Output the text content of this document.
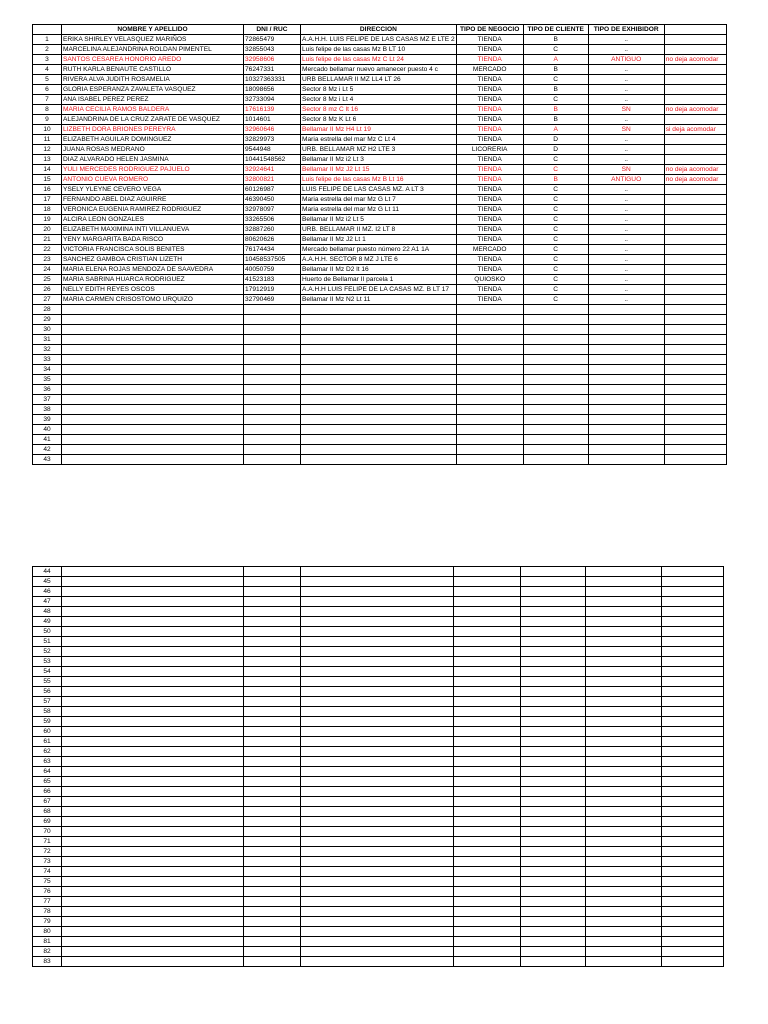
	NOMBRE Y APELLIDO	DNI / RUC	DIRECCION	TIPO DE NEGOCIO	TIPO DE CLIENTE	TIPO DE EXHIBIDOR	
1	ERIKA SHIRLEY VELASQUEZ MARIÑOS	72865479	A.A.H.H. LUIS FELIPE DE LAS CASAS MZ E LTE 2	TIENDA	B	..	
2	MARCELINA ALEJANDRINA ROLDAN PIMENTEL	32855043	Luis felipe de las casas Mz B LT 10	TIENDA	C	..	
3	SANTOS CESAREA HONORIO AREDO	32958606	Luis felipe de las casas Mz C Lt 24	TIENDA	A	ANTIGUO	no deja acomodar
4	RUTH KARLA BENAUTE CASTILLO	76247331	Mercado bellamar nuevo amanecer puesto 4 c	MERCADO	B	..	
5	RIVERA ALVA JUDITH ROSAMELIA	10327363331	URB BELLAMAR II MZ LL4 LT 26	TIENDA	C	..	
6	GLORIA ESPERANZA ZAVALETA VASQUEZ	18098656	Sector 8 Mz i Lt 5	TIENDA	B	..	
7	ANA ISABEL PEREZ PEREZ	32733094	Sector 8 Mz i Lt 4	TIENDA	C	..	
8	MARIA CECILIA RAMOS BALDERA	17616139	Sector 8 mz C lt 16	TIENDA	B	SN	no deja acomodar
9	ALEJANDRINA DE LA CRUZ ZARATE DE VASQUEZ	1014601	Sector 8 Mz K Lt 6	TIENDA	B	..	
10	LIZBETH DORA BRIONES PEREYRA	32960646	Bellamar II Mz H4 Lt 19	TIENDA	A	SN	si deja acomodar
11	ELIZABETH AGUILAR DOMINGUEZ	32829973	Maria estrella del mar Mz C Lt 4	TIENDA	D	..	
12	JUANA ROSAS MEDRANO	9544948	URB. BELLAMAR MZ H2 LTE 3	LICORERIA	D	..	
13	DIAZ ALVARADO HELEN JASMINA	10441548562	Bellamar II Mz i2 Lt 3	TIENDA	C	..	
14	YULI MERCEDES RODRIGUEZ PAJUELO	32924641	Bellamar II Mz J2 Lt 15	TIENDA	C	SN	no deja acomodar
15	ANTONIO CUEVA ROMERO	32800821	Luis felipe de las casas Mz B Lt 16	TIENDA	B	ANTIGUO	no deja acomodar
16	YSELY YLEYNE CEVERO VEGA	60126987	LUIS FELIPE DE LAS CASAS MZ. A LT 3	TIENDA	C	..	
17	FERNANDO ABEL DIAZ AGUIRRE	46390450	Maria estrella del mar Mz G Lt 7	TIENDA	C	..	
18	VERONICA EUGENIA RAMIREZ RODRIGUEZ	32978097	Maria estrella del mar Mz G Lt 11	TIENDA	C	..	
19	ALCIRA LEON GONZALES	33265506	Bellamar II Mz i2 Lt 5	TIENDA	C	..	
20	ELIZABETH MAXIMINA INTI VILLANUEVA	32887260	URB. BELLAMAR II MZ. I2 LT 8	TIENDA	C	..	
21	YENY MARGARITA BADA RISCO	80620626	Bellamar II Mz J2 Lt 1	TIENDA	C	..	
22	VICTORIA FRANCISCA SOLIS BENITES	76174434	Mercado bellamar puesto número 22 A1 1A	MERCADO	C	..	
23	SANCHEZ GAMBOA CRISTIAN LIZETH	10458537505	A.A.H.H. SECTOR 8 MZ J LTE 6	TIENDA	C	..	
24	MARIA ELENA ROJAS MENDOZA DE SAAVEDRA	40050759	Bellamar II Mz D2 lt 16	TIENDA	C	..	
25	MARIA SABRINA HUARCA RODRIGUEZ	41523183	Huerto de Bellamar II parcela 1	QUIOSKO	C	..	
26	NELLY EDITH REYES OSCOS	17912919	A.A.H.H LUIS FELIPE DE LA CASAS MZ. B LT 17	TIENDA	C	..	
27	MARIA CARMEN CRISOSTOMO URQUIZO	32790469	Bellamar II Mz N2 Lt 11	TIENDA	C	..	
28							
29							
30							
31							
32							
33							
34							
35							
36							
37							
38							
39							
40							
41							
42							
43							
44							
45							
46							
47							
48							
49							
50							
51							
52							
53							
54							
55							
56							
57							
58							
59							
60							
61							
62							
63							
64							
65							
66							
67							
68							
69							
70							
71							
72							
73							
74							
75							
76							
77							
78							
79							
80							
81							
82							
83							
